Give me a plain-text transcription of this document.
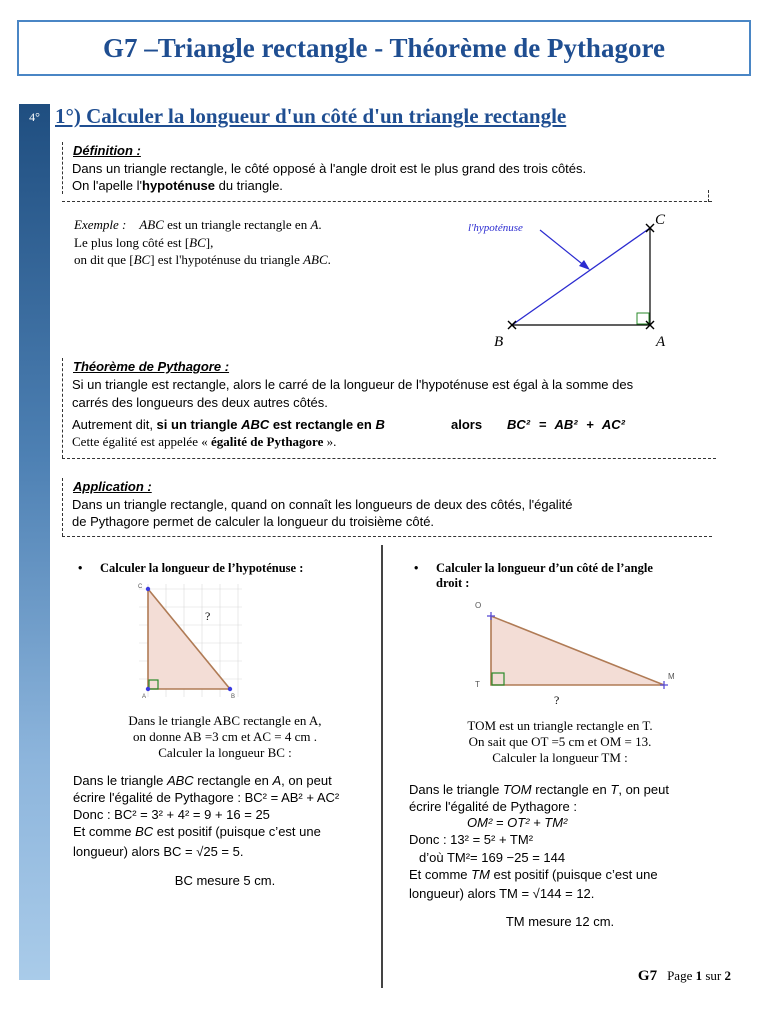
G7 –Triangle rectangle - Théorème de Pythagore
4° 1°) Calculer la longueur d'un côté d'un triangle rectangle
Définition :
Dans un triangle rectangle, le côté opposé à l'angle droit est le plus grand des trois côtés.
On l'apelle l'hypoténuse du triangle.
Exemple : ABC est un triangle rectangle en A.
Le plus long côté est [BC],
on dit que [BC] est l'hypoténuse du triangle ABC.
l'hypoténuse	C
B	A
Théorème de Pythagore :
Si un triangle est rectangle, alors le carré de la longueur de l'hypoténuse est égal à la somme des
carrés des longueurs des deux autres côtés.
Autrement dit, si un triangle ABC est rectangle en B	alors BC² = AB² + AC²
Cette égalité est appelée « égalité de Pythagore ».
Application :
Dans un triangle rectangle, quand on connaît les longueurs de deux des côtés, l'égalité
de Pythagore permet de calculer la longueur du troisième côté.
• Calculer la longueur de l’hypoténuse :
C
A	B
?
Dans le triangle ABC rectangle en A,
on donne AB =3 cm et AC = 4 cm .
Calculer la longueur BC :
Dans le triangle ABC rectangle en A, on peut
écrire l'égalité de Pythagore : BC² = AB² + AC²
Donc : BC² = 3² + 4² = 9 + 16 = 25
Et comme BC est positif (puisque c’est une
longueur) alors BC = √25 = 5.
BC mesure 5 cm.
• Calculer la longueur d’un côté de l’angle
droit :
O
T
M
?
TOM est un triangle rectangle en T.
On sait que OT =5 cm et OM = 13.
Calculer la longueur TM :
Dans le triangle TOM rectangle en T, on peut
écrire l'égalité de Pythagore :
OM² = OT² + TM²
Donc : 13² = 5² + TM²
d’où TM²= 169 −25 = 144
Et comme TM est positif (puisque c’est une
longueur) alors TM = √144 = 12.
TM mesure 12 cm.
G7 Page 1 sur 2
